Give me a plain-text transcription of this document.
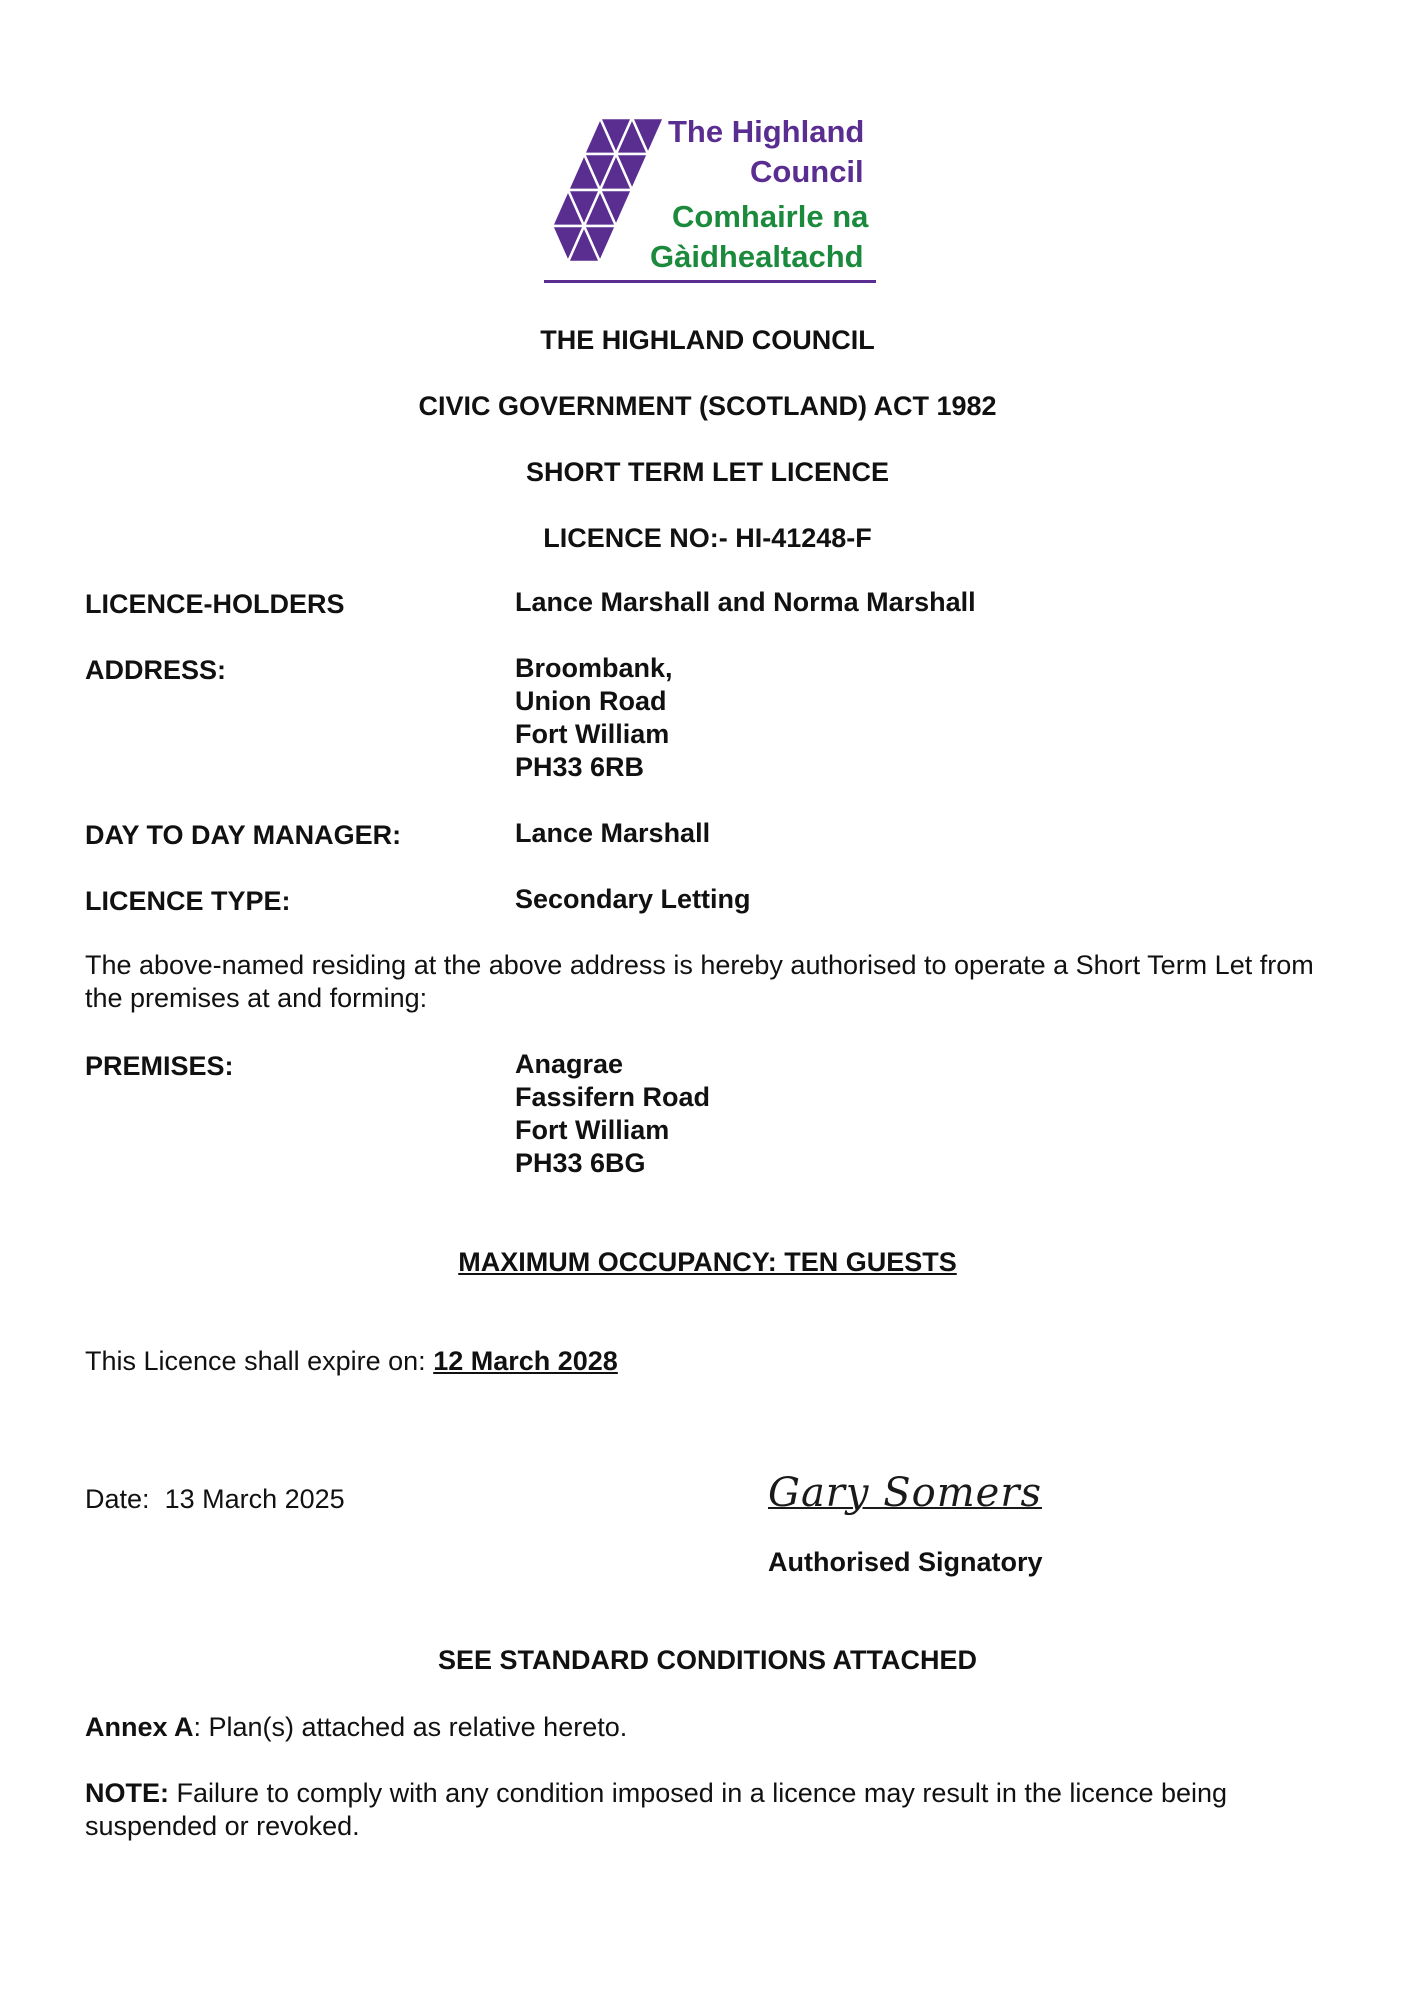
The Highland
Council
Comhairle na
Gàidhealtachd
THE HIGHLAND COUNCIL
CIVIC GOVERNMENT (SCOTLAND) ACT 1982
SHORT TERM LET LICENCE
LICENCE NO:- HI-41248-F
LICENCE-HOLDERS	Lance Marshall and Norma Marshall
ADDRESS:	Broombank,
Union Road
Fort William
PH33 6RB
DAY TO DAY MANAGER:	Lance Marshall
LICENCE TYPE:	Secondary Letting
The above-named residing at the above address is hereby authorised to operate a Short Term Let from the premises at and forming:
PREMISES:	Anagrae
Fassifern Road
Fort William
PH33 6BG
MAXIMUM OCCUPANCY: TEN GUESTS
This Licence shall expire on: 12 March 2028
Date: 13 March 2025	Gary Somers
Authorised Signatory
SEE STANDARD CONDITIONS ATTACHED
Annex A: Plan(s) attached as relative hereto.
NOTE: Failure to comply with any condition imposed in a licence may result in the licence being suspended or revoked.
